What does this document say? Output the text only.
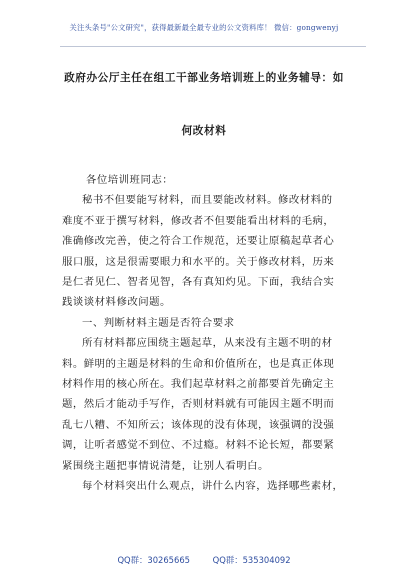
关注头条号"公文研究"，获得最新最全最专业的公文资料库！ 微信：gongwenyj
政府办公厅主任在组工干部业务培训班上的业务辅导：如
何改材料

各位培训班同志：

秘书不但要能写材料，而且要能改材料。修改材料的
难度不亚于撰写材料，修改者不但要能看出材料的毛病，
准确修改完善，使之符合工作规范，还要让原稿起草者心
服口服，这是很需要眼力和水平的。关于修改材料，历来
是仁者见仁、智者见智，各有真知灼见。下面，我结合实
践谈谈材料修改问题。

一、判断材料主题是否符合要求

所有材料都应围绕主题起草，从来没有主题不明的材
料。鲜明的主题是材料的生命和价值所在，也是真正体现
材料作用的核心所在。我们起草材料之前都要首先确定主
题，然后才能动手写作，否则材料就有可能因主题不明而
乱七八糟、不知所云；该体现的没有体现，该强调的没强
调，让听者感觉不到位、不过瘾。材料不论长短，都要紧
紧围绕主题把事情说清楚，让别人看明白。

每个材料突出什么观点，讲什么内容，选择哪些素材，

QQ群：30265665	QQ群：535304092
